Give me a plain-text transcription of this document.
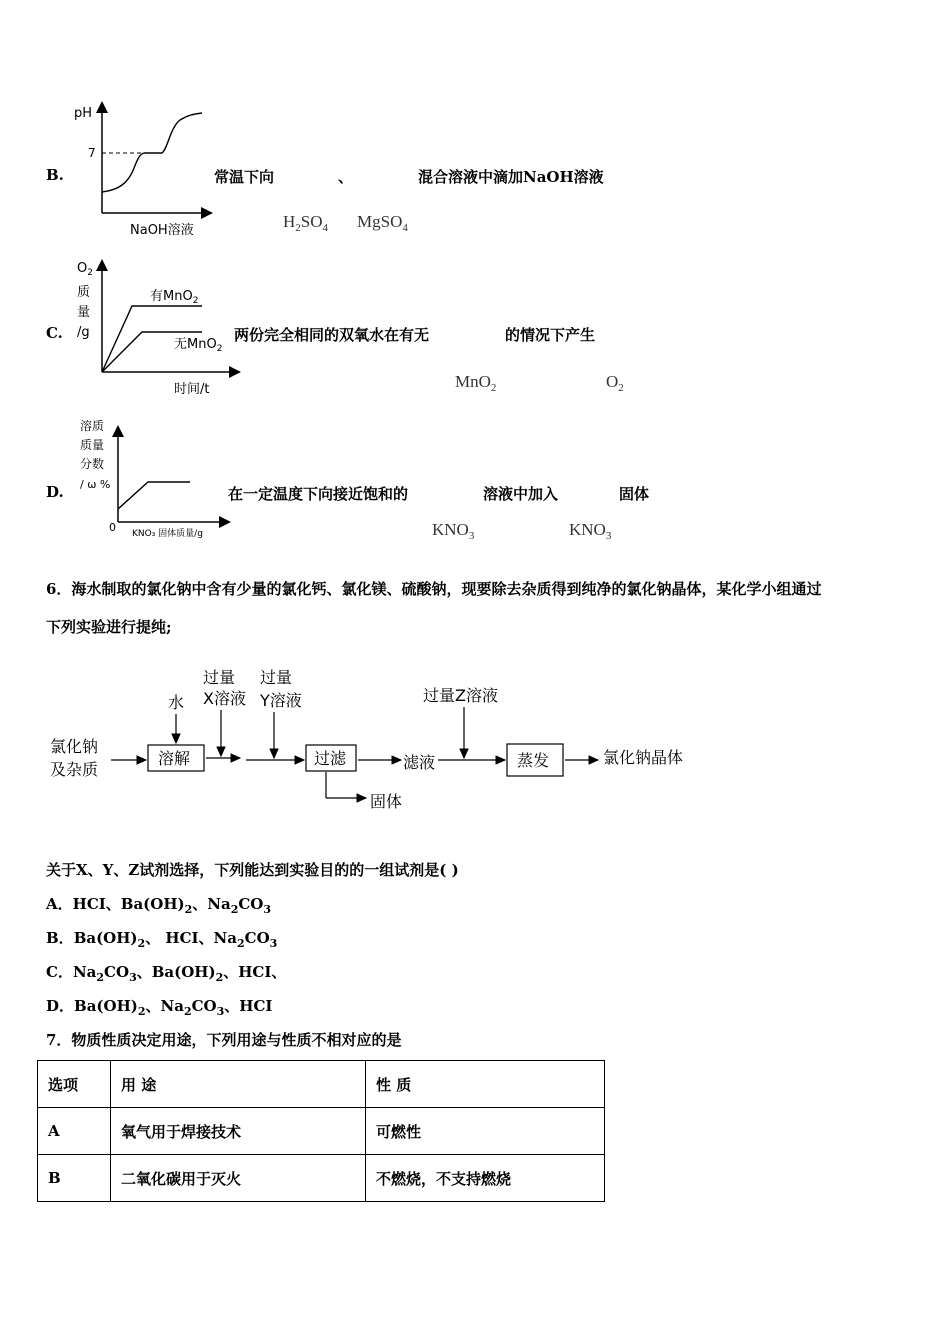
pH
7
NaOH溶液
B.	常温下向	、	混合溶液中滴加NaOH溶液
$H_2SO_4$ MgSO$_4$
$O_2$
质
量
/g
有MnO$_2$
无MnO$_2$
时间/t
C.	两份完全相同的双氧水在有无	的情况下产生
MnO$_2$	$O_2$
溶质
质量
分数
/ ω %
0 KNO₃ 固体质量/g
D.	在一定温度下向接近饱和的	溶液中加入	固体
$KNO_3$	$KNO_3$
6．海水制取的氯化钠中含有少量的氯化钙、氯化镁、硫酸钠，现要除去杂质得到纯净的氯化钠晶体，某化学小组通过
下列实验进行提纯;
氯化钠
及杂质
水
过量
X溶液
过量
Y溶液	过量Z溶液
滤液
固体
氯化钠晶体
溶解	过滤	蒸发
关于X、Y、Z试剂选择，下列能达到实验目的的一组试剂是( )
A．HCI、$Ba(OH)_2$、$Na_2CO_3$
B．$Ba(OH)_2$、 HCI、$Na_2CO_3$
C．$Na_2CO_3$、$Ba(OH)_2$、HCI、
D．$Ba(OH)_2$、$Na_2CO_3$、HCI
7．物质性质决定用途，下列用途与性质不相对应的是
选项	用 途	性 质
A	氧气用于焊接技术	可燃性
B	二氧化碳用于灭火	不燃烧，不支持燃烧
